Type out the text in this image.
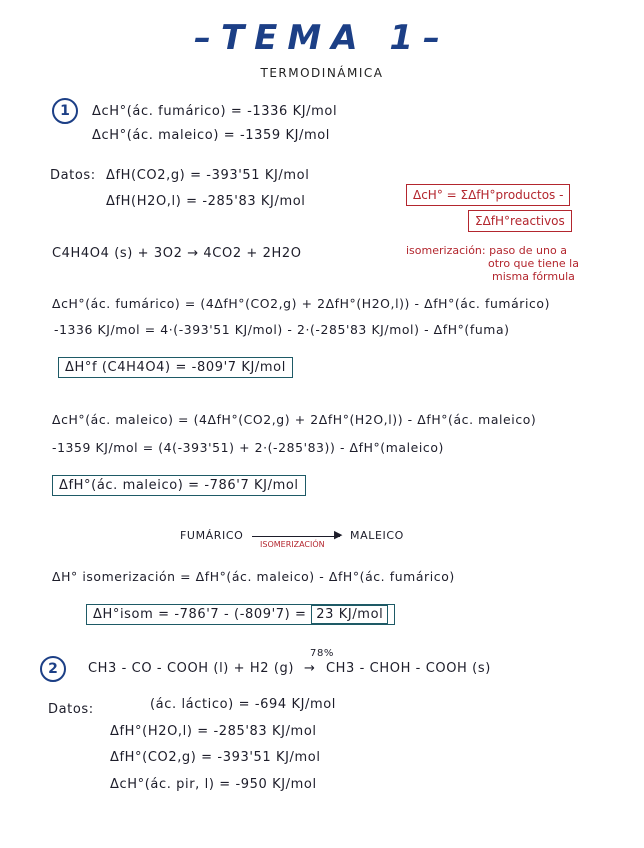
–TEMA 1–
TERMODINÁMICA
1	ΔcH°(ác. fumárico) = -1336 KJ/mol
ΔcH°(ác. maleico) = -1359 KJ/mol
Datos: ΔfH(CO2,g) = -393'51 KJ/mol
ΔfH(H2O,l) = -285'83 KJ/mol	ΔcH° = ΣΔfH°productos -
ΣΔfH°reactivos
isomerización: paso de uno a
otro que tiene la
misma fórmula
C4H4O4 (s) + 3O2 → 4CO2 + 2H2O
ΔcH°(ác. fumárico) = (4ΔfH°(CO2,g) + 2ΔfH°(H2O,l)) - ΔfH°(ác. fumárico)
-1336 KJ/mol = 4·(-393'51 KJ/mol) - 2·(-285'83 KJ/mol) - ΔfH°(fuma)
ΔH°f (C4H4O4) = -809'7 KJ/mol
ΔcH°(ác. maleico) = (4ΔfH°(CO2,g) + 2ΔfH°(H2O,l)) - ΔfH°(ác. maleico)
-1359 KJ/mol = (4(-393'51) + 2·(-285'83)) - ΔfH°(maleico)
ΔfH°(ác. maleico) = -786'7 KJ/mol
FUMÁRICO	▶
ISOMERIZACIÓN
MALEICO
ΔH° isomerización = ΔfH°(ác. maleico) - ΔfH°(ác. fumárico)
ΔH°isom = -786'7 - (-809'7) = 23 KJ/mol
2	CH3 - CO - COOH (l) + H2 (g)
78%
→ CH3 - CHOH - COOH (s)
Datos:	(ác. láctico) = -694 KJ/mol
ΔfH°(H2O,l) = -285'83 KJ/mol
ΔfH°(CO2,g) = -393'51 KJ/mol
ΔcH°(ác. pir, l) = -950 KJ/mol
